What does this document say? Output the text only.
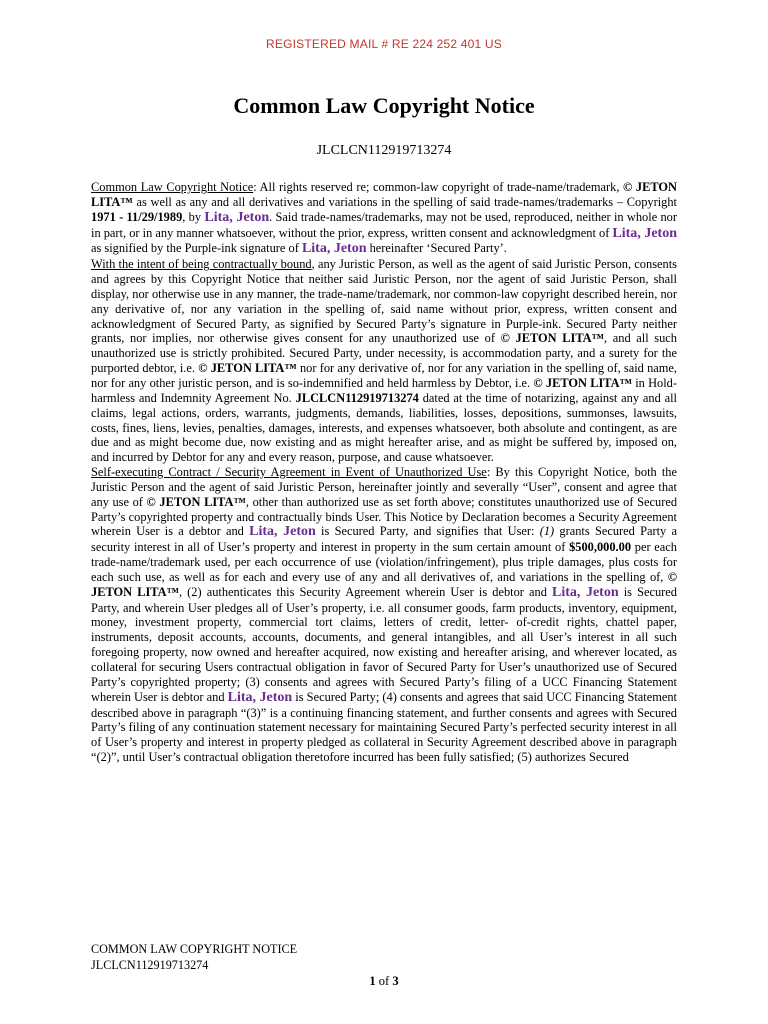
REGISTERED MAIL # RE 224 252 401 US
Common Law Copyright Notice
JLCLCN112919713274
Common Law Copyright Notice: All rights reserved re; common-law copyright of trade-name/trademark, © JETON LITA™ as well as any and all derivatives and variations in the spelling of said trade-names/trademarks – Copyright 1971 - 11/29/1989, by Lita, Jeton. Said trade-names/trademarks, may not be used, reproduced, neither in whole nor in part, or in any manner whatsoever, without the prior, express, written consent and acknowledgment of Lita, Jeton as signified by the Purple-ink signature of Lita, Jeton hereinafter ‘Secured Party’.
With the intent of being contractually bound, any Juristic Person, as well as the agent of said Juristic Person, consents and agrees by this Copyright Notice that neither said Juristic Person, nor the agent of said Juristic Person, shall display, nor otherwise use in any manner, the trade-name/trademark, nor common-law copyright described herein, nor any derivative of, nor any variation in the spelling of, said name without prior, express, written consent and acknowledgment of Secured Party, as signified by Secured Party’s signature in Purple-ink. Secured Party neither grants, nor implies, nor otherwise gives consent for any unauthorized use of © JETON LITA™, and all such unauthorized use is strictly prohibited. Secured Party, under necessity, is accommodation party, and a surety for the purported debtor, i.e. © JETON LITA™ nor for any derivative of, nor for any variation in the spelling of, said name, nor for any other juristic person, and is so-indemnified and held harmless by Debtor, i.e. © JETON LITA™ in Hold-harmless and Indemnity Agreement No. JLCLCN112919713274 dated at the time of notarizing, against any and all claims, legal actions, orders, warrants, judgments, demands, liabilities, losses, depositions, summonses, lawsuits, costs, fines, liens, levies, penalties, damages, interests, and expenses whatsoever, both absolute and contingent, as are due and as might become due, now existing and as might hereafter arise, and as might be suffered by, imposed on, and incurred by Debtor for any and every reason, purpose, and cause whatsoever.
Self-executing Contract / Security Agreement in Event of Unauthorized Use: By this Copyright Notice, both the Juristic Person and the agent of said Juristic Person, hereinafter jointly and severally “User”, consent and agree that any use of © JETON LITA™, other than authorized use as set forth above; constitutes unauthorized use of Secured Party’s copyrighted property and contractually binds User. This Notice by Declaration becomes a Security Agreement wherein User is a debtor and Lita, Jeton is Secured Party, and signifies that User: (1) grants Secured Party a security interest in all of User’s property and interest in property in the sum certain amount of $500,000.00 per each trade-name/trademark used, per each occurrence of use (violation/infringement), plus triple damages, plus costs for each such use, as well as for each and every use of any and all derivatives of, and variations in the spelling of, © JETON LITA™, (2) authenticates this Security Agreement wherein User is debtor and Lita, Jeton is Secured Party, and wherein User pledges all of User’s property, i.e. all consumer goods, farm products, inventory, equipment, money, investment property, commercial tort claims, letters of credit, letter- of-credit rights, chattel paper, instruments, deposit accounts, accounts, documents, and general intangibles, and all User’s interest in all such foregoing property, now owned and hereafter acquired, now existing and hereafter arising, and wherever located, as collateral for securing Users contractual obligation in favor of Secured Party for User’s unauthorized use of Secured Party’s copyrighted property; (3) consents and agrees with Secured Party’s filing of a UCC Financing Statement wherein User is debtor and Lita, Jeton is Secured Party; (4) consents and agrees that said UCC Financing Statement described above in paragraph “(3)” is a continuing financing statement, and further consents and agrees with Secured Party’s filing of any continuation statement necessary for maintaining Secured Party’s perfected security interest in all of User’s property and interest in property pledged as collateral in Security Agreement described above in paragraph “(2)”, until User’s contractual obligation theretofore incurred has been fully satisfied; (5) authorizes Secured
COMMON LAW COPYRIGHT NOTICE
JLCLCN112919713274
1 of 3
